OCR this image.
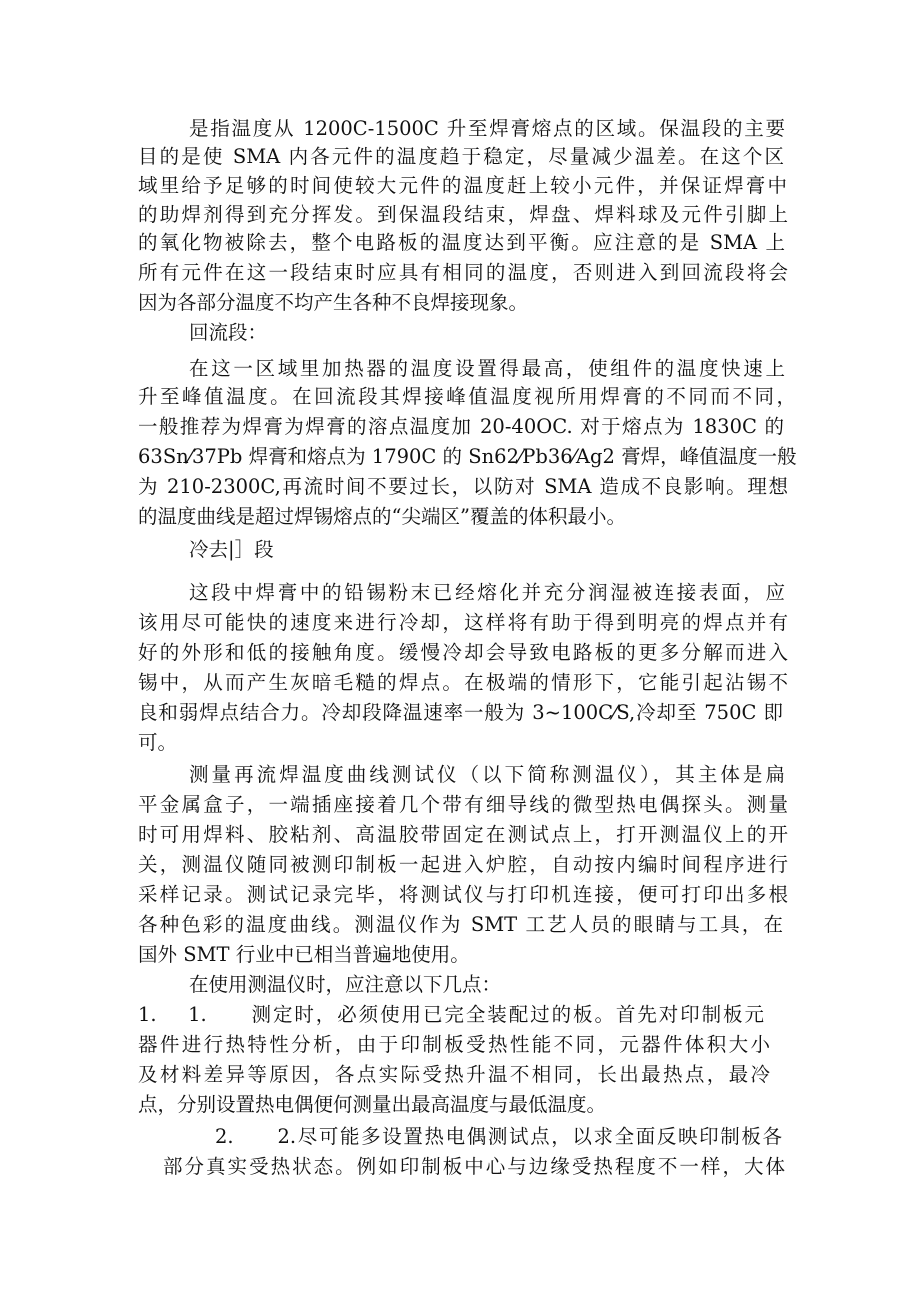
是指温度从 1200C-1500C 升至焊膏熔点的区域。保温段的主要

目的是使 SMA 内各元件的温度趋于稳定，尽量减少温差。在这个区

域里给予足够的时间使较大元件的温度赶上较小元件，并保证焊膏中

的助焊剂得到充分挥发。到保温段结束，焊盘、焊料球及元件引脚上

的氧化物被除去，整个电路板的温度达到平衡。应注意的是 SMA 上

所有元件在这一段结束时应具有相同的温度，否则进入到回流段将会

因为各部分温度不均产生各种不良焊接现象。

回流段：

在这一区域里加热器的温度设置得最高，使组件的温度快速上

升至峰值温度。在回流段其焊接峰值温度视所用焊膏的不同而不同，

一般推荐为焊膏为焊膏的溶点温度加 20-40OC. 对于熔点为 1830C 的

63Sn⁄37Pb 焊膏和熔点为 1790C 的 Sn62⁄Pb36⁄Ag2 膏焊，峰值温度一般

为 210-2300C,再流时间不要过长，以防对 SMA 造成不良影响。理想

的温度曲线是超过焊锡熔点的“尖端区”覆盖的体积最小。

冷去|］段

这段中焊膏中的铅锡粉末已经熔化并充分润湿被连接表面，应

该用尽可能快的速度来进行冷却，这样将有助于得到明亮的焊点并有

好的外形和低的接触角度。缓慢冷却会导致电路板的更多分解而进入

锡中，从而产生灰暗毛糙的焊点。在极端的情形下，它能引起沾锡不

良和弱焊点结合力。冷却段降温速率一般为 3~100C⁄S,冷却至 750C 即

可。

测量再流焊温度曲线测试仪（以下简称测温仪），其主体是扁

平金属盒子，一端插座接着几个带有细导线的微型热电偶探头。测量

时可用焊料、胶粘剂、高温胶带固定在测试点上，打开测温仪上的开

关，测温仪随同被测印制板一起进入炉腔，自动按内编时间程序进行

采样记录。测试记录完毕，将测试仪与打印机连接，便可打印出多根

各种色彩的温度曲线。测温仪作为 SMT 工艺人员的眼睛与工具，在

国外 SMT 行业中已相当普遍地使用。

在使用测温仪时，应注意以下几点：

1.　 1.　　测定时，必须使用已完全装配过的板。首先对印制板元

器件进行热特性分析，由于印制板受热性能不同，元器件体积大小

及材料差异等原因，各点实际受热升温不相同，长出最热点，最冷

点，分别设置热电偶便何测量出最高温度与最低温度。

2.　　2.尽可能多设置热电偶测试点，以求全面反映印制板各

部分真实受热状态。例如印制板中心与边缘受热程度不一样，大体
